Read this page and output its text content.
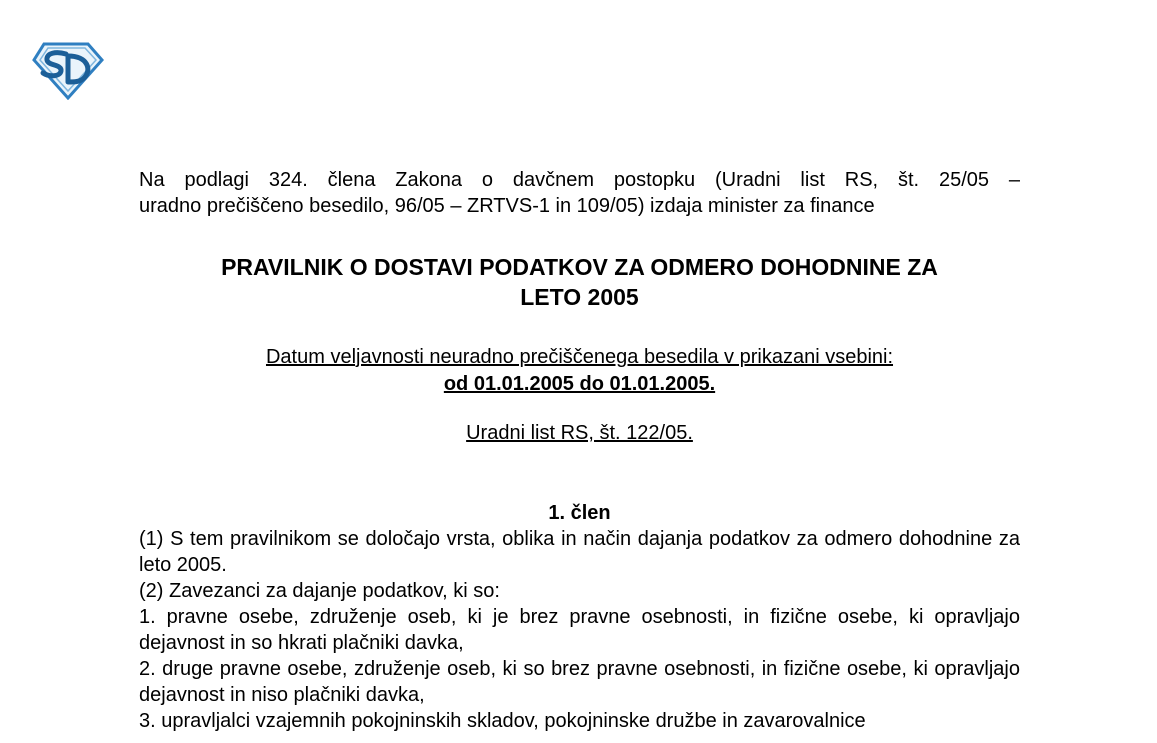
Na podlagi 324. člena Zakona o davčnem postopku (Uradni list RS, št. 25/05 –
uradno prečiščeno besedilo, 96/05 – ZRTVS-1 in 109/05) izdaja minister za finance

PRAVILNIK O DOSTAVI PODATKOV ZA ODMERO DOHODNINE ZA
LETO 2005
Datum veljavnosti neuradno prečiščenega besedila v prikazani vsebini:
od 01.01.2005 do 01.01.2005.

Uradni list RS, št. 122/05.

1. člen

(1) S tem pravilnikom se določajo vrsta, oblika in način dajanja podatkov za odmero dohodnine za leto 2005.

(2) Zavezanci za dajanje podatkov, ki so:

1. pravne osebe, združenje oseb, ki je brez pravne osebnosti, in fizične osebe, ki opravljajo dejavnost in so hkrati plačniki davka,

2. druge pravne osebe, združenje oseb, ki so brez pravne osebnosti, in fizične osebe, ki opravljajo dejavnost in niso plačniki davka,

3. upravljalci vzajemnih pokojninskih skladov, pokojninske družbe in zavarovalnice
